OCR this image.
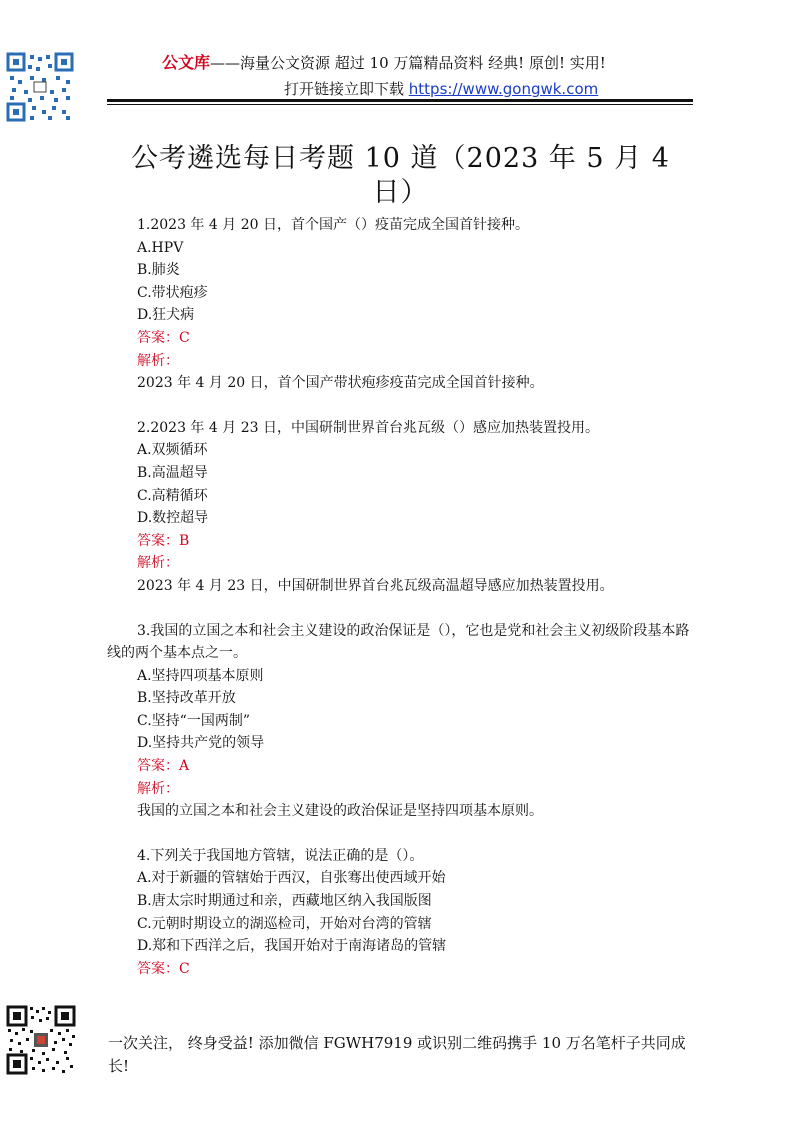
公文库——海量公文资源 超过 10 万篇精品资料 经典! 原创! 实用!
打开链接立即下载 https://www.gongwk.com
公考遴选每日考题 10 道（2023 年 5 月 4 日）

1.2023 年 4 月 20 日，首个国产（）疫苗完成全国首针接种。

A.HPV

B.肺炎

C.带状疱疹

D.狂犬病

答案：C

解析：

2023 年 4 月 20 日，首个国产带状疱疹疫苗完成全国首针接种。

2.2023 年 4 月 23 日，中国研制世界首台兆瓦级（）感应加热装置投用。

A.双频循环

B.高温超导

C.高精循环

D.数控超导

答案：B

解析：

2023 年 4 月 23 日，中国研制世界首台兆瓦级高温超导感应加热装置投用。

3.我国的立国之本和社会主义建设的政治保证是（），它也是党和社会主义初级阶段基本路线的两个基本点之一。

A.坚持四项基本原则

B.坚持改革开放

C.坚持“一国两制”

D.坚持共产党的领导

答案：A

解析：

我国的立国之本和社会主义建设的政治保证是坚持四项基本原则。

4.下列关于我国地方管辖，说法正确的是（）。

A.对于新疆的管辖始于西汉，自张骞出使西域开始

B.唐太宗时期通过和亲，西藏地区纳入我国版图

C.元朝时期设立的湖巡检司，开始对台湾的管辖

D.郑和下西洋之后，我国开始对于南海诸岛的管辖

答案：C

一次关注， 终身受益! 添加微信 FGWH7919 或识别二维码携手 10 万名笔杆子共同成长!
